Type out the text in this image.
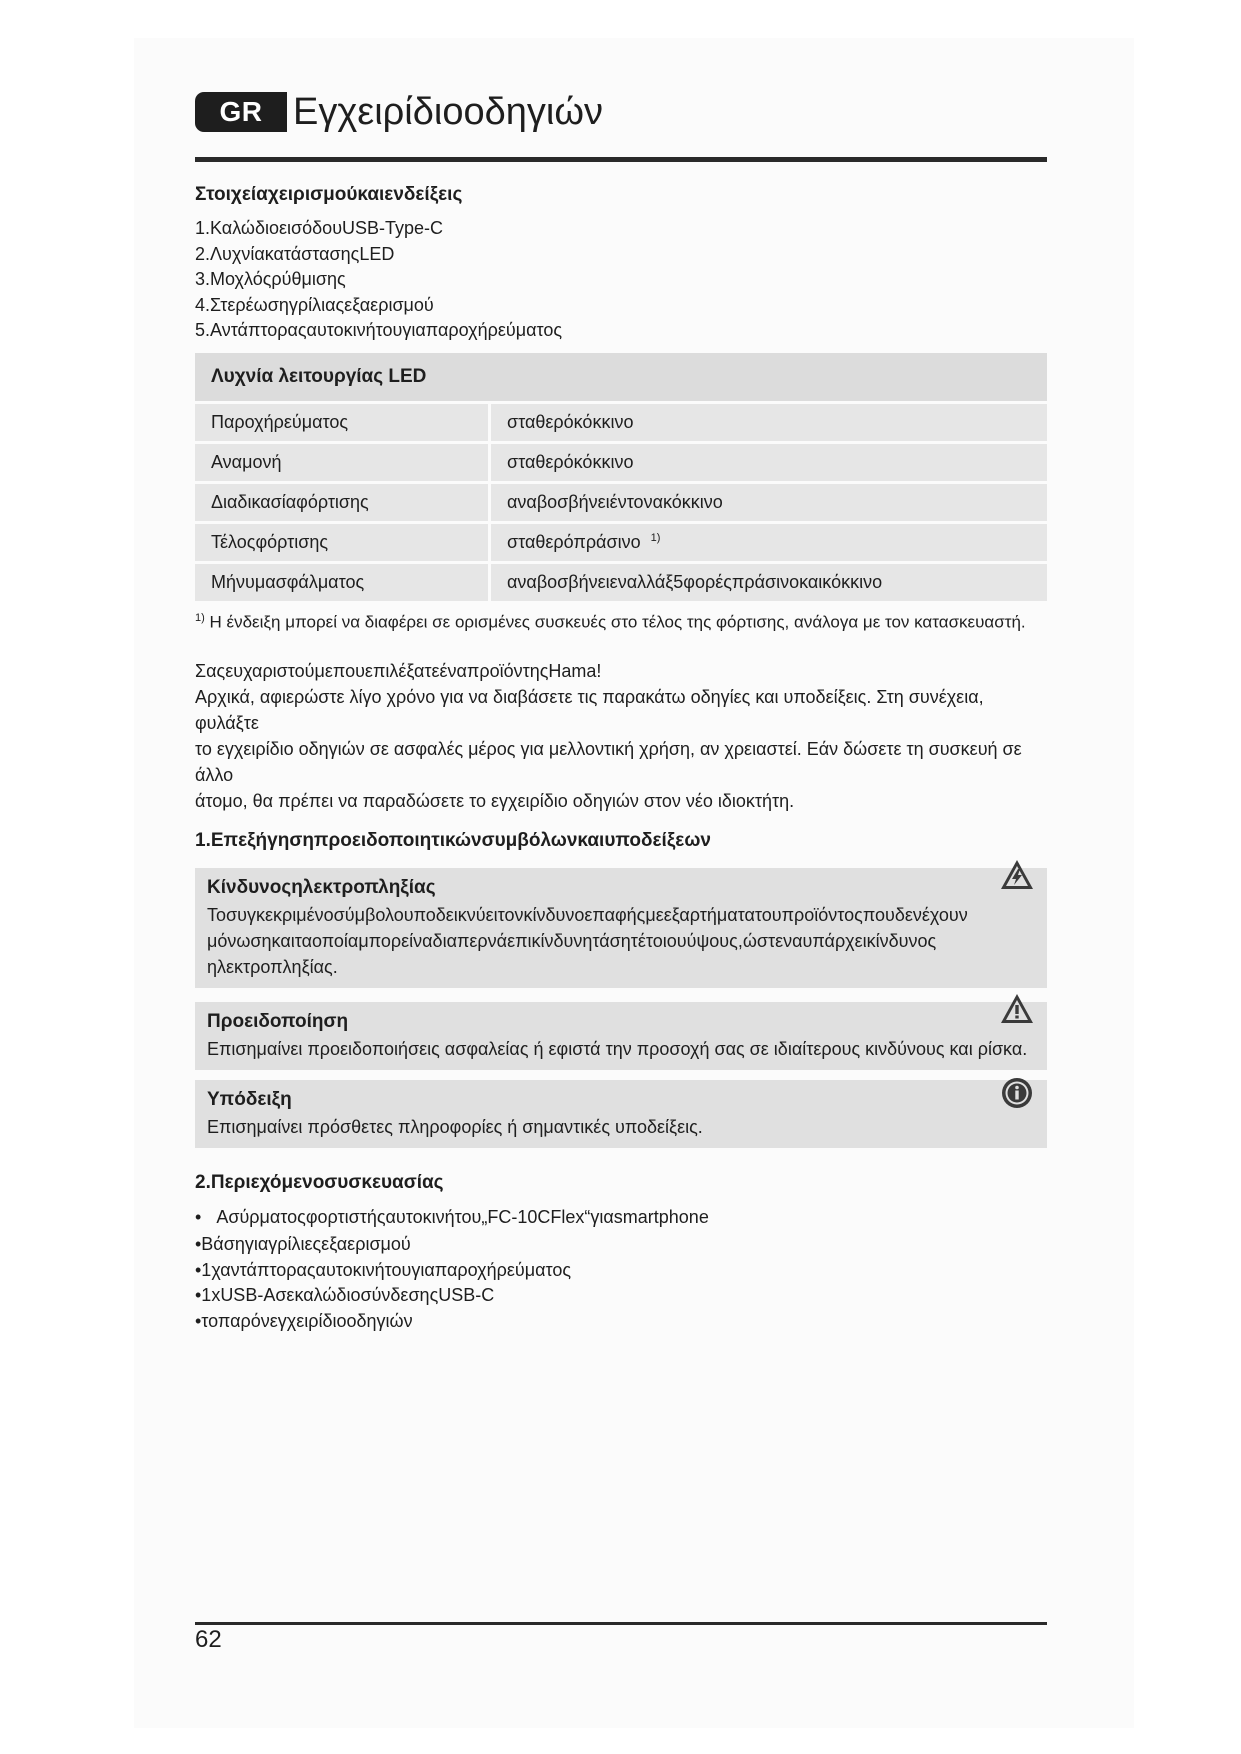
GR Εγχειρίδιοοδηγιών

Στοιχείαχειρισμούκαιενδείξεις

1.ΚαλώδιοεισόδουUSB-Type-C

2.ΛυχνίακατάστασηςLED

3.Μοχλόςρύθμισης

4.Στερέωσηγρίλιαςεξαερισμού

5.Αντάπτοραςαυτοκινήτουγιαπαροχήρεύματος

Λυχνία λειτουργίας LED	
Παροχήρεύματος	σταθερόκόκκινο
Αναμονή	σταθερόκόκκινο
Διαδικασίαφόρτισης	αναβοσβήνειέντονακόκκινο
Τέλοςφόρτισης	σταθερόπράσινο $^{1)}$
Μήνυμασφάλματος	αναβοσβήνειεναλλάξ5φορέςπράσινοκαικόκκινο
$^{1)}$ Η ένδειξη μπορεί να διαφέρει σε ορισμένες συσκευές στο τέλος της φόρτισης, ανάλογα με τον κατασκευαστή.

ΣαςευχαριστούμεπουεπιλέξατεέναπροϊόντηςHama!

Αρχικά, αφιερώστε λίγο χρόνο για να διαβάσετε τις παρακάτω οδηγίες και υποδείξεις. Στη συνέχεια, φυλάξτε

το εγχειρίδιο οδηγιών σε ασφαλές μέρος για μελλοντική χρήση, αν χρειαστεί. Εάν δώσετε τη συσκευή σε άλλο

άτομο, θα πρέπει να παραδώσετε το εγχειρίδιο οδηγιών στον νέο ιδιοκτήτη.

1.Επεξήγησηπροειδοποιητικώνσυμβόλωνκαιυποδείξεων

Κίνδυνοςηλεκτροπληξίας
Τοσυγκεκριμένοσύμβολουποδεικνύειτονκίνδυνοεπαφήςμεεξαρτήματατουπροϊόντοςπουδενέχουν
μόνωσηκαιταοποίαμπορείναδιαπερνάεπικίνδυνητάσητέτοιουύψους,ώστεναυπάρχεικίνδυνος
ηλεκτροπληξίας.
Προειδοποίηση
Επισημαίνει προειδοποιήσεις ασφαλείας ή εφιστά την προσοχή σας σε ιδιαίτερους κινδύνους και ρίσκα.
Υπόδειξη
Επισημαίνει πρόσθετες πληροφορίες ή σημαντικές υποδείξεις.

2.Περιεχόμενοσυσκευασίας

• Ασύρματοςφορτιστήςαυτοκινήτου„FC-10CFlex“γιαsmartphone

•Βάσηγιαγρίλιεςεξαερισμού

•1χαντάπτοραςαυτοκινήτουγιαπαροχήρεύματος

•1xUSB-ΑσεκαλώδιοσύνδεσηςUSB-C

•τοπαρόνεγχειρίδιοοδηγιών

62
